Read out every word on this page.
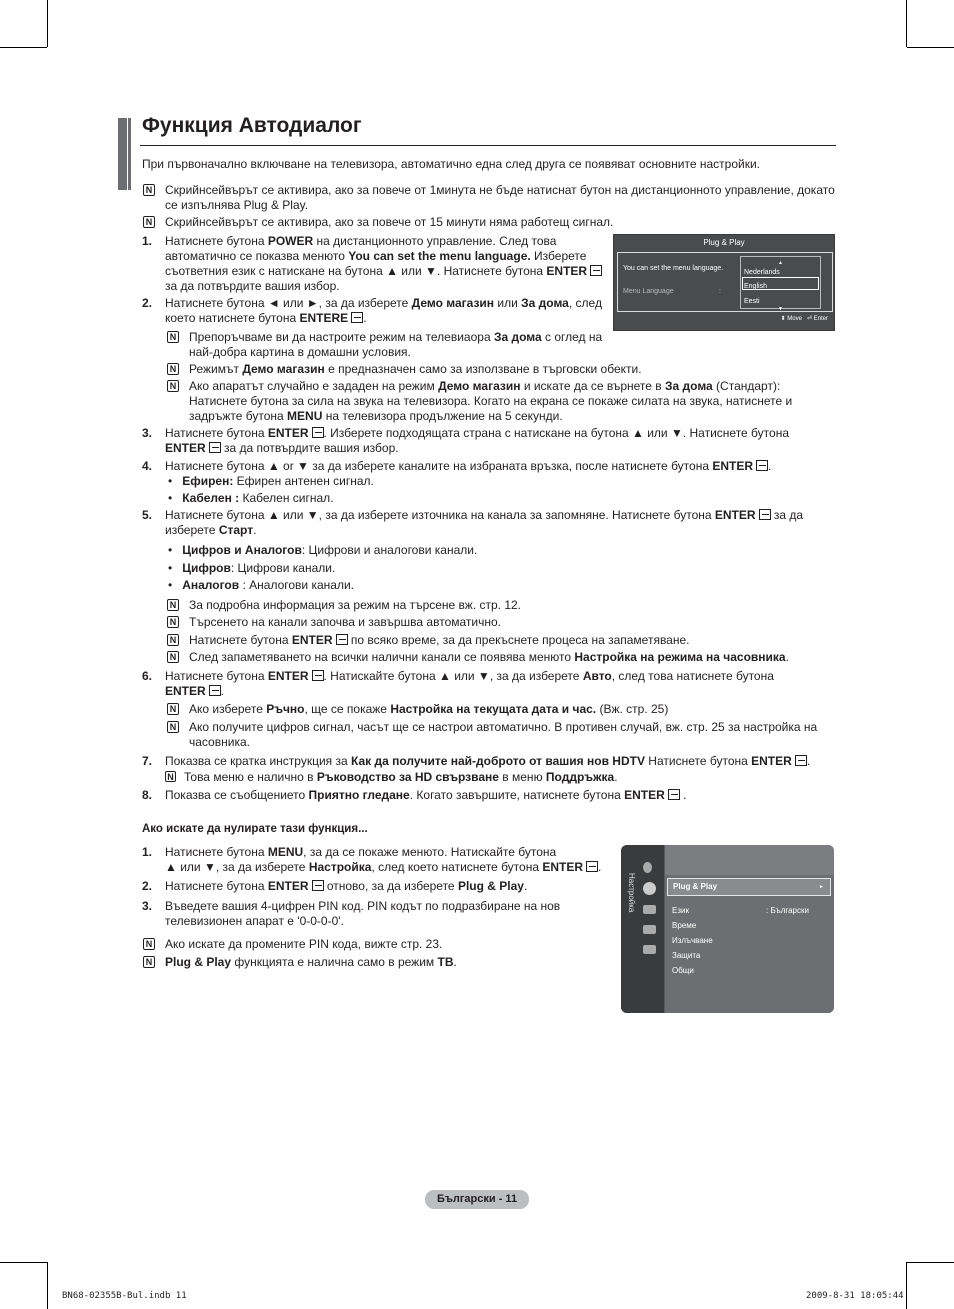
Функция Автодиалог
При първоначално включване на телевизора, автоматично една след друга се появяват основните настройки.
N
Скрийнсейвърът се активира, ако за повече от 1минута не бъде натиснат бутон на дистанционното управление, докато
се изпълнява Plug & Play.
N
Скрийнсейвърът се активира, ако за повече от 15 минути няма работещ сигнал.
1. Натиснете бутона POWER на дистанционното управление. След това
автоматично се показва менюто You can set the menu language. Изберете
съответния език с натискане на бутона ▲ или ▼. Натиснете бутона ENTER
за да потвърдите вашия избор.
Plug & Play
You can set the menu language.
Menu Language	:
▲
Nederlands
English
Eesti
▼
⬍ Move ⏎ Enter
2. Натиснете бутона ◄ или ►, за да изберете Демо магазин или За дома, след
което натиснете бутона ENTERE .
N
Препоръчваме ви да настроите режим на телевиаора За дома с оглед на
най-добра картина в домашни условия.
N
Режимът Демо магазин е предназначен само за използване в търговски обекти.
N
Ако апаратът случайно е зададен на режим Демо магазин и искате да се върнете в За дома (Стандарт):
Натиснете бутона за сила на звука на телевизора. Когато на екрана се покаже силата на звука, натиснете и
задръжте бутона MENU на телевизора продължение на 5 секунди.
3. Натиснете бутона ENTER . Изберете подходящата страна с натискане на бутона ▲ или ▼. Натиснете бутона
ENTER за да потвърдите вашия избор.
4. Натиснете бутона ▲ or ▼ за да изберете каналите на избраната връзка, после натиснете бутона ENTER .
•   Ефирен: Ефирен антенен сигнал.

•   Кабелен : Кабелен сигнал.
5. Натиснете бутона ▲ или ▼, за да изберете източника на канала за запомняне. Натиснете бутона ENTER за да
изберете Старт.
•   Цифров и Аналогов: Цифрови и аналогови канали.
•   Цифров: Цифрови канали.
•   Аналогов : Аналогови канали.
N
За подробна информация за режим на търсене вж. стр. 12.
N
Търсенето на канали започва и завършва автоматично.
N
Натиснете бутона ENTER по всяко време, за да прекъснете процеса на запаметяване.
N
След запаметяването на всички налични канали се появява менюто Настройка на режима на часовника.
6. Натиснете бутона ENTER . Натискайте бутона ▲ или ▼, за да изберете Авто, след това натиснете бутона
ENTER .
N
Ако изберете Ръчно, ще се покаже Настройка на текущата дата и час. (Вж. стр. 25)
N
Ако получите цифров сигнал, часът ще се настрои автоматично. В противен случай, вж. стр. 25 за настройка на
часовника.
7. Показва се кратка инструкция за Как да получите най-доброто от вашия нов HDTV Натиснете бутона ENTER .
N
Това меню е налично в Ръководство за HD свързване в меню Поддръжка.
8. Показва се съобщението Приятно гледане. Когато завършите, натиснете бутона ENTER .
Ако искате да нулирате тази функция...
1. Натиснете бутона MENU, за да се покаже менюто. Натискайте бутона
▲ или ▼, за да изберете Настройка, след което натиснете бутона ENTER .
2. Натиснете бутона ENTER отново, за да изберете Plug & Play.
3. Въведете вашия 4-цифрен PIN код. PIN кодът по подразбиране на нов
телевизионен апарат е '0-0-0-0'.
N
Ако искате да промените PIN кода, вижте стр. 23.
N
Plug & Play функцията е налична само в режим ТВ.
Настройка	Plug & Play	►
Език	: Български
Време
Излъчване
Защита
Общи
Български - 11
BN68-02355B-Bul.indb 11	2009-8-31 18:05:44
